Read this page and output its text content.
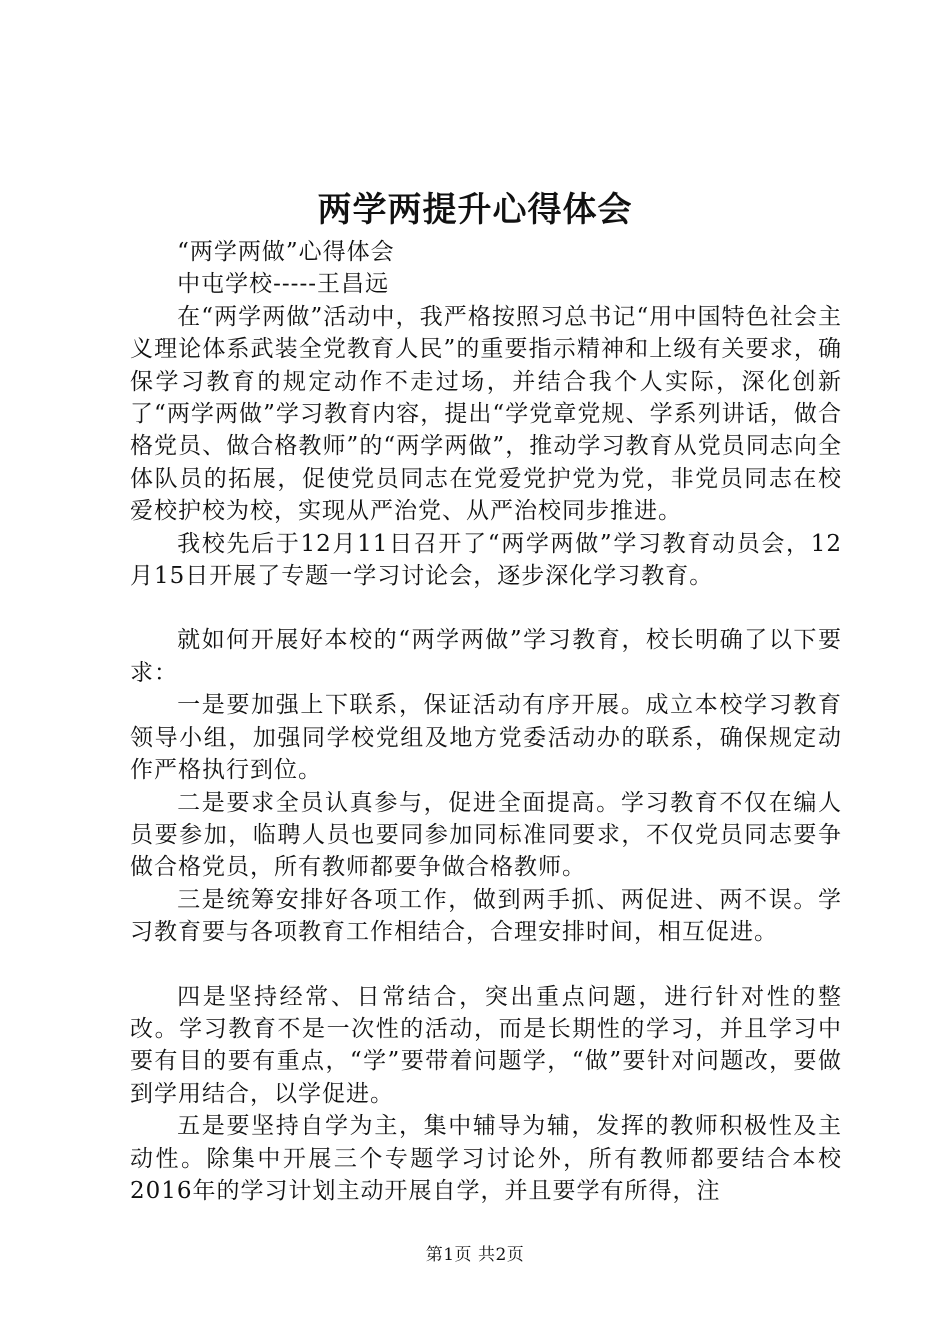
两学两提升心得体会

“两学两做”心得体会

中屯学校-----王昌远

在“两学两做”活动中，我严格按照习总书记“用中国特色社会主义理论体系武装全党教育人民”的重要指示精神和上级有关要求，确保学习教育的规定动作不走过场，并结合我个人实际，深化创新了“两学两做”学习教育内容，提出“学党章党规、学系列讲话，做合格党员、做合格教师”的“两学两做”，推动学习教育从党员同志向全体队员的拓展，促使党员同志在党爱党护党为党，非党员同志在校爱校护校为校，实现从严治党、从严治校同步推进。

我校先后于12月11日召开了“两学两做”学习教育动员会，12月15日开展了专题一学习讨论会，逐步深化学习教育。

就如何开展好本校的“两学两做”学习教育，校长明确了以下要求：

一是要加强上下联系，保证活动有序开展。成立本校学习教育领导小组，加强同学校党组及地方党委活动办的联系，确保规定动作严格执行到位。

二是要求全员认真参与，促进全面提高。学习教育不仅在编人员要参加，临聘人员也要同参加同标准同要求，不仅党员同志要争做合格党员，所有教师都要争做合格教师。

三是统筹安排好各项工作，做到两手抓、两促进、两不误。学习教育要与各项教育工作相结合，合理安排时间，相互促进。

四是坚持经常、日常结合，突出重点问题，进行针对性的整改。学习教育不是一次性的活动，而是长期性的学习，并且学习中要有目的要有重点，“学”要带着问题学，“做”要针对问题改，要做到学用结合，以学促进。

五是要坚持自学为主，集中辅导为辅，发挥的教师积极性及主动性。除集中开展三个专题学习讨论外，所有教师都要结合本校2016年的学习计划主动开展自学，并且要学有所得，注

第1页 共2页
